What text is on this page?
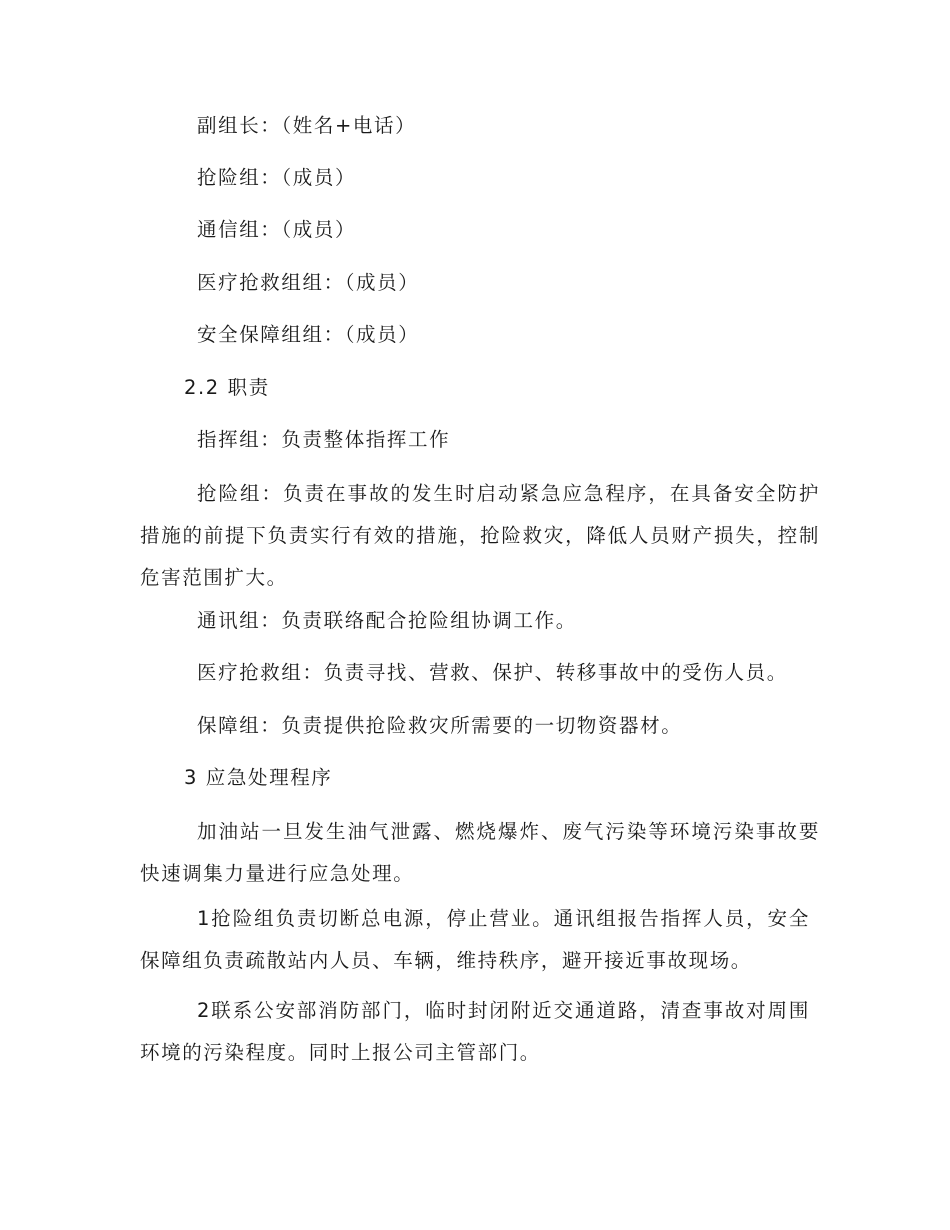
副组长：（姓名+电话）
抢险组：（成员）
通信组：（成员）
医疗抢救组组：（成员）
安全保障组组：（成员）
2.2 职责
指挥组：负责整体指挥工作
抢险组：负责在事故的发生时启动紧急应急程序，在具备安全防护措施的前提下负责实行有效的措施，抢险救灾，降低人员财产损失，控制危害范围扩大。
通讯组：负责联络配合抢险组协调工作。
医疗抢救组：负责寻找、营救、保护、转移事故中的受伤人员。
保障组：负责提供抢险救灾所需要的一切物资器材。
3 应急处理程序
加油站一旦发生油气泄露、燃烧爆炸、废气污染等环境污染事故要快速调集力量进行应急处理。
1抢险组负责切断总电源，停止营业。通讯组报告指挥人员，安全保障组负责疏散站内人员、车辆，维持秩序，避开接近事故现场。
2联系公安部消防部门，临时封闭附近交通道路，清查事故对周围环境的污染程度。同时上报公司主管部门。
